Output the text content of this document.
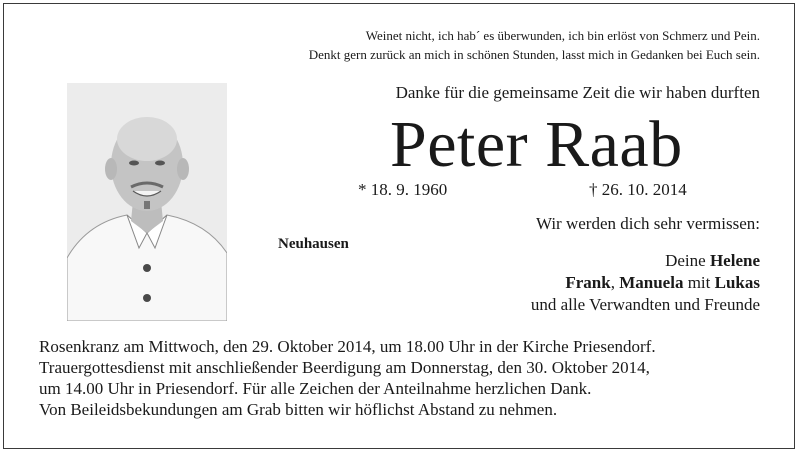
Weinet nicht, ich hab´ es überwunden, ich bin erlöst von Schmerz und Pein.
Denkt gern zurück an mich in schönen Stunden, lasst mich in Gedanken bei Euch sein.
Danke für die gemeinsame Zeit die wir haben durften
Peter Raab
* 18. 9. 1960	† 26. 10. 2014
Wir werden dich sehr vermissen:
Neuhausen
Deine Helene
Frank, Manuela mit Lukas
und alle Verwandten und Freunde
Rosenkranz am Mittwoch, den 29. Oktober 2014, um 18.00 Uhr in der Kirche Priesendorf.
Trauergottesdienst mit anschließender Beerdigung am Donnerstag, den 30. Oktober 2014,
um 14.00 Uhr in Priesendorf. Für alle Zeichen der Anteilnahme herzlichen Dank.
Von Beileidsbekundungen am Grab bitten wir höflichst Abstand zu nehmen.
